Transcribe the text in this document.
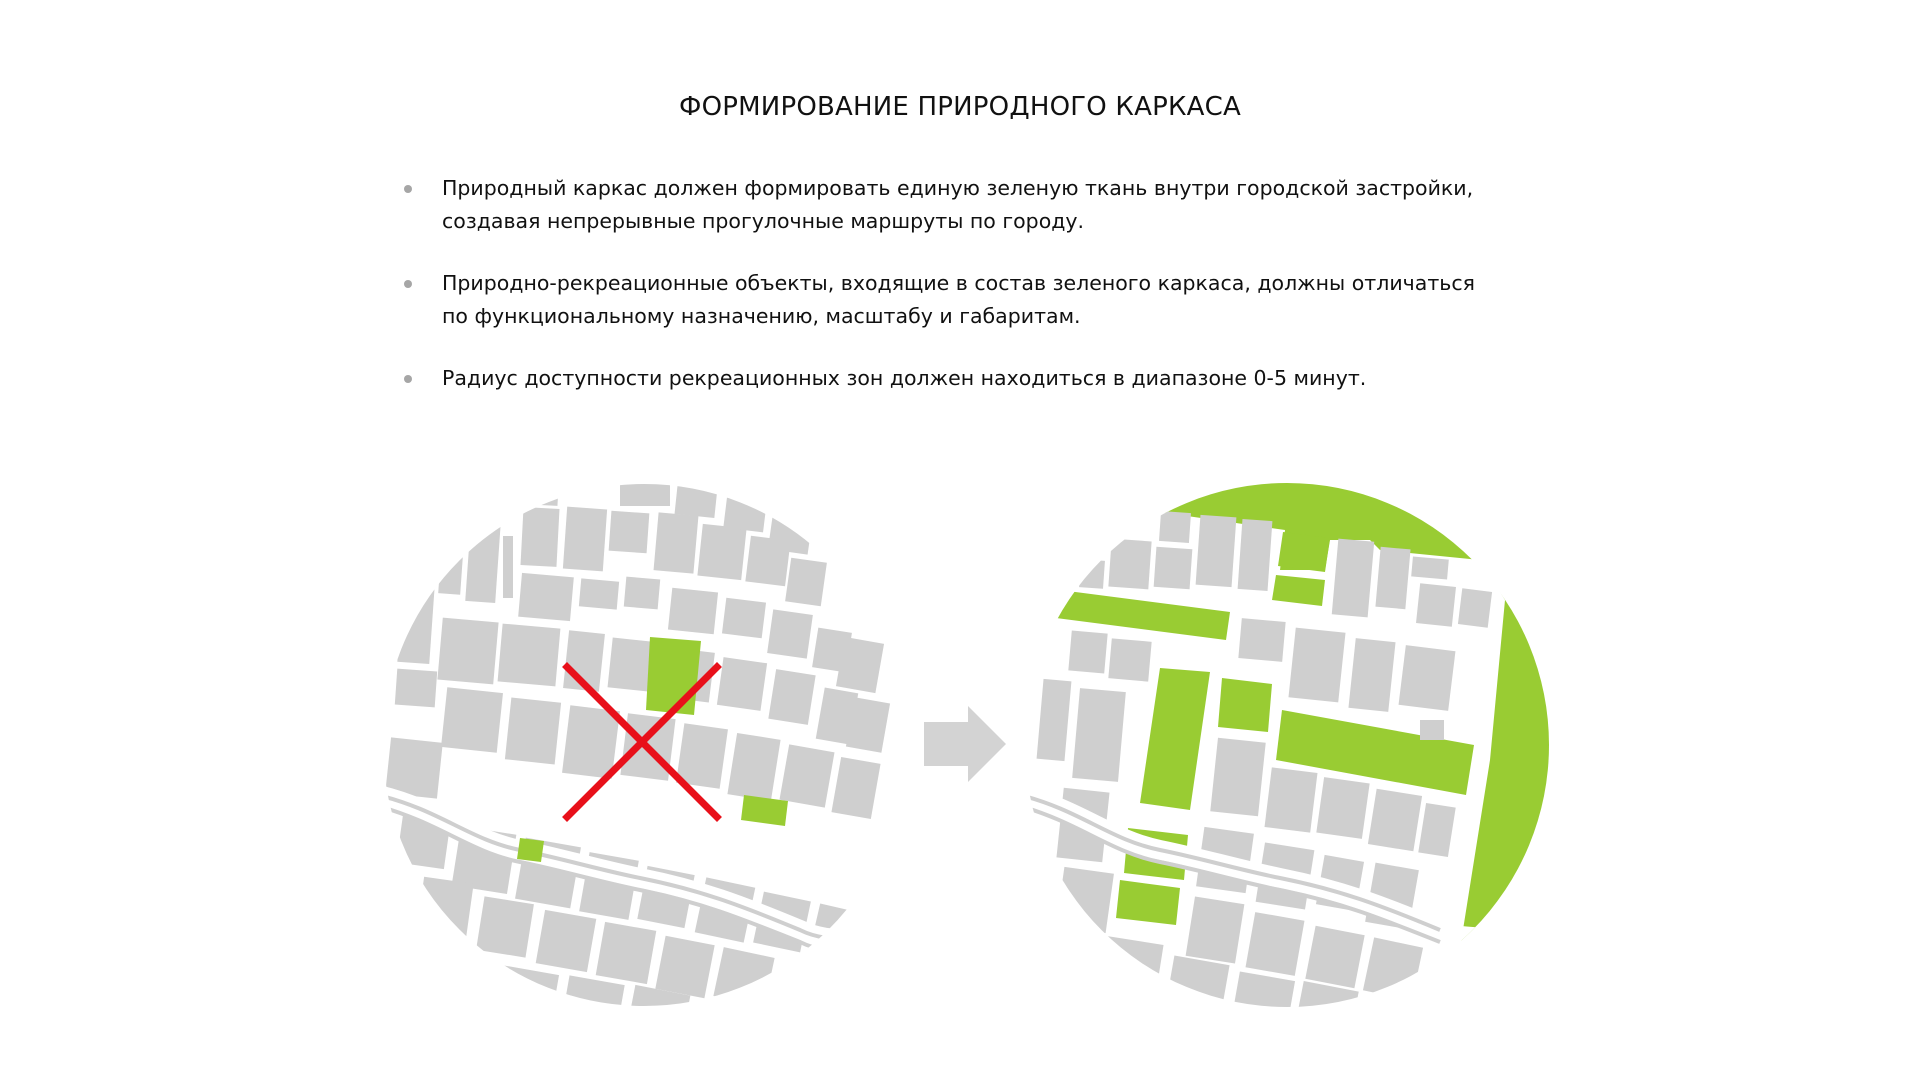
ФОРМИРОВАНИЕ ПРИРОДНОГО КАРКАСА
Природный каркас должен формировать единую зеленую ткань внутри городской застройки,
создавая непрерывные прогулочные маршруты по городу.
Природно-рекреационные объекты, входящие в состав зеленого каркаса, должны отличаться
по функциональному назначению, масштабу и габаритам.
Радиус доступности рекреационных зон должен находиться в диапазоне 0-5 минут.
